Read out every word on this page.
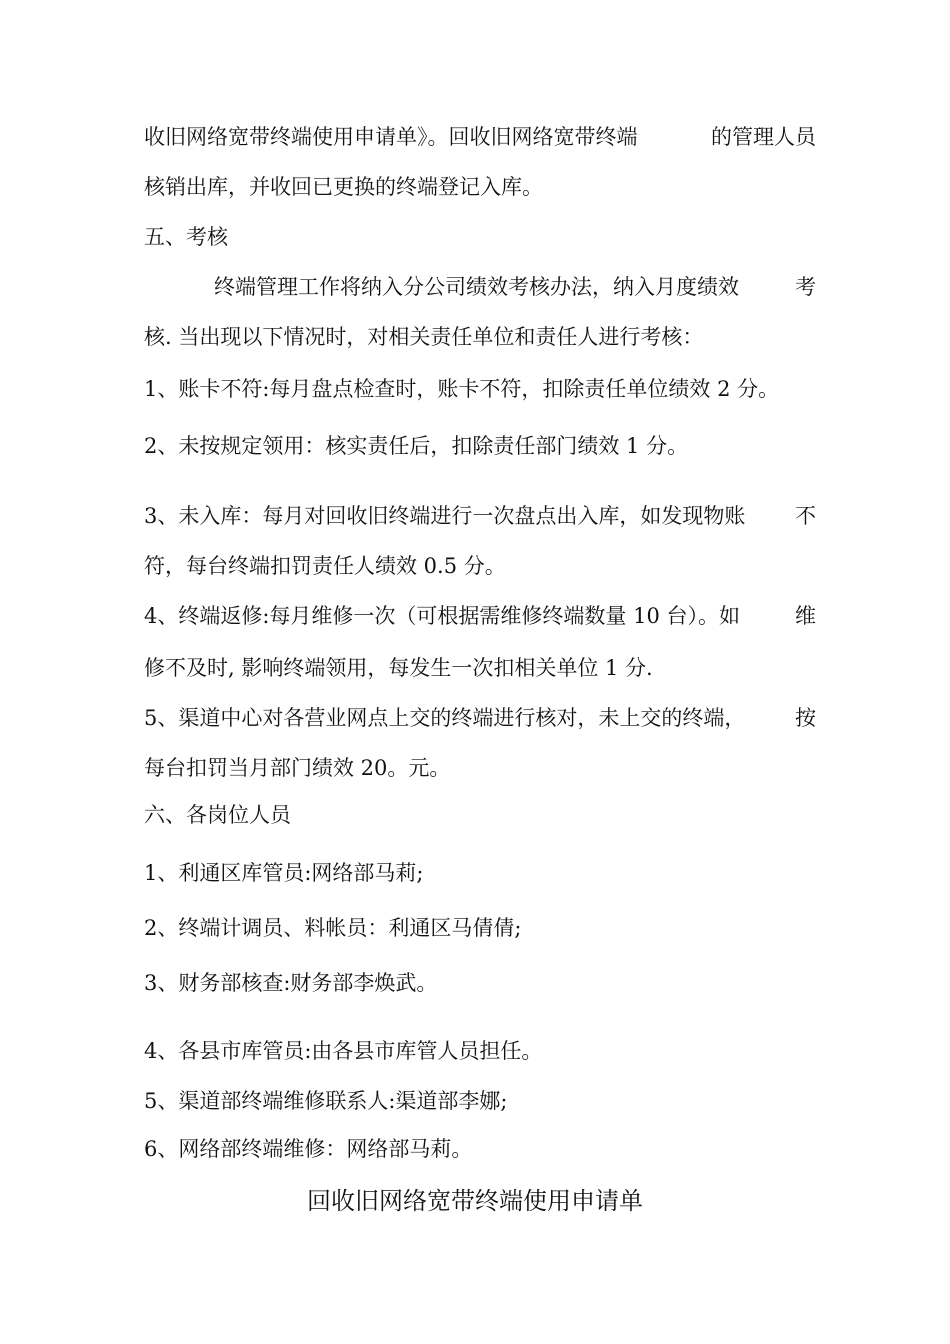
收旧网络宽带终端使用申请单》。回收旧网络宽带终端	的管理人员
核销出库，并收回已更换的终端登记入库。
五、考核
终端管理工作将纳入分公司绩效考核办法，纳入月度绩效	考
核. 当出现以下情况时，对相关责任单位和责任人进行考核：
1、账卡不符:每月盘点检查时，账卡不符，扣除责任单位绩效 2 分。
2、未按规定领用：核实责任后，扣除责任部门绩效 1 分。
3、未入库：每月对回收旧终端进行一次盘点出入库，如发现物账 不
符，每台终端扣罚责任人绩效 0.5 分。
4、终端返修:每月维修一次（可根据需维修终端数量 10 台）。如	维
修不及时, 影响终端领用，每发生一次扣相关单位 1 分.
5、渠道中心对各营业网点上交的终端进行核对，未上交的终端， 按
每台扣罚当月部门绩效 20。元。
六、各岗位人员
1、利通区库管员:网络部马莉;
2、终端计调员、料帐员：利通区马倩倩;
3、财务部核查:财务部李焕武。
4、各县市库管员:由各县市库管人员担任。
5、渠道部终端维修联系人:渠道部李娜;
6、网络部终端维修：网络部马莉。
回收旧网络宽带终端使用申请单
